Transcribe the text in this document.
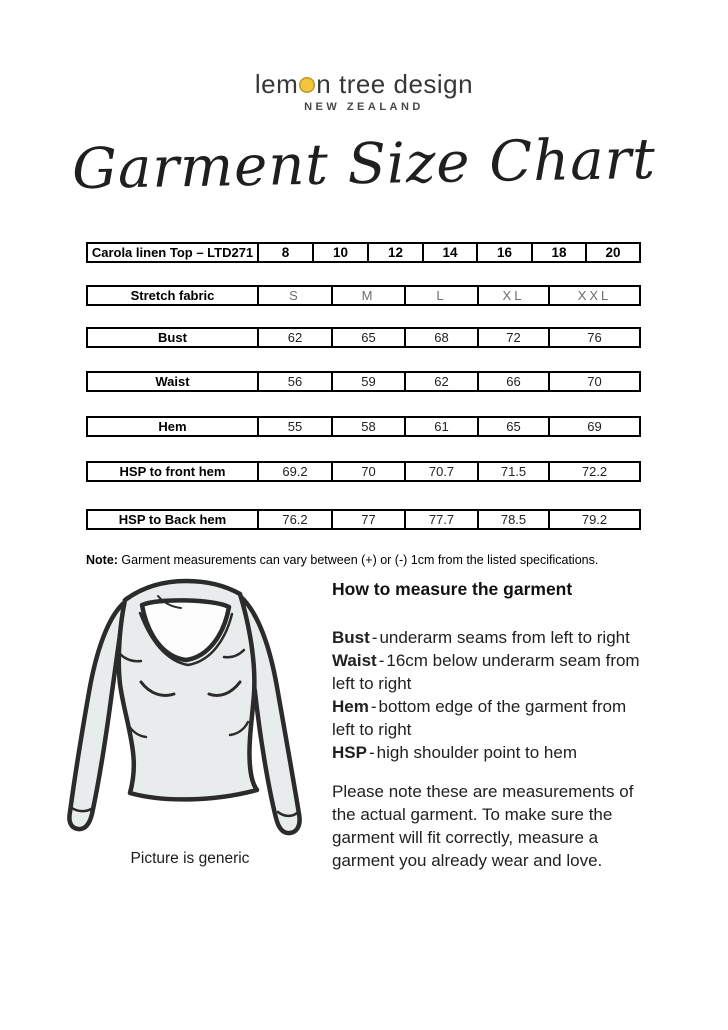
lem n tree design
NEW ZEALAND
Garment Size Chart
Carola linen Top – LTD271	8	10	12	14	16	18	20
Stretch fabric	S	M	L	XL	XXL
Bust	62	65	68	72	76
Waist	56	59	62	66	70
Hem	55	58	61	65	69
HSP to front hem	69.2	70	70.7	71.5	72.2
HSP to Back hem	76.2	77	77.7	78.5	79.2
Note: Garment measurements can vary between (+) or (-) 1cm from the listed specifications.
Picture is generic
How to measure the garment
Bust - underarm seams from left to right
Waist - 16cm below underarm seam from left to right
Hem - bottom edge of the garment from left to right
HSP - high shoulder point to hem
Please note these are measurements of the actual garment. To make sure the garment will fit correctly, measure a garment you already wear and love.
